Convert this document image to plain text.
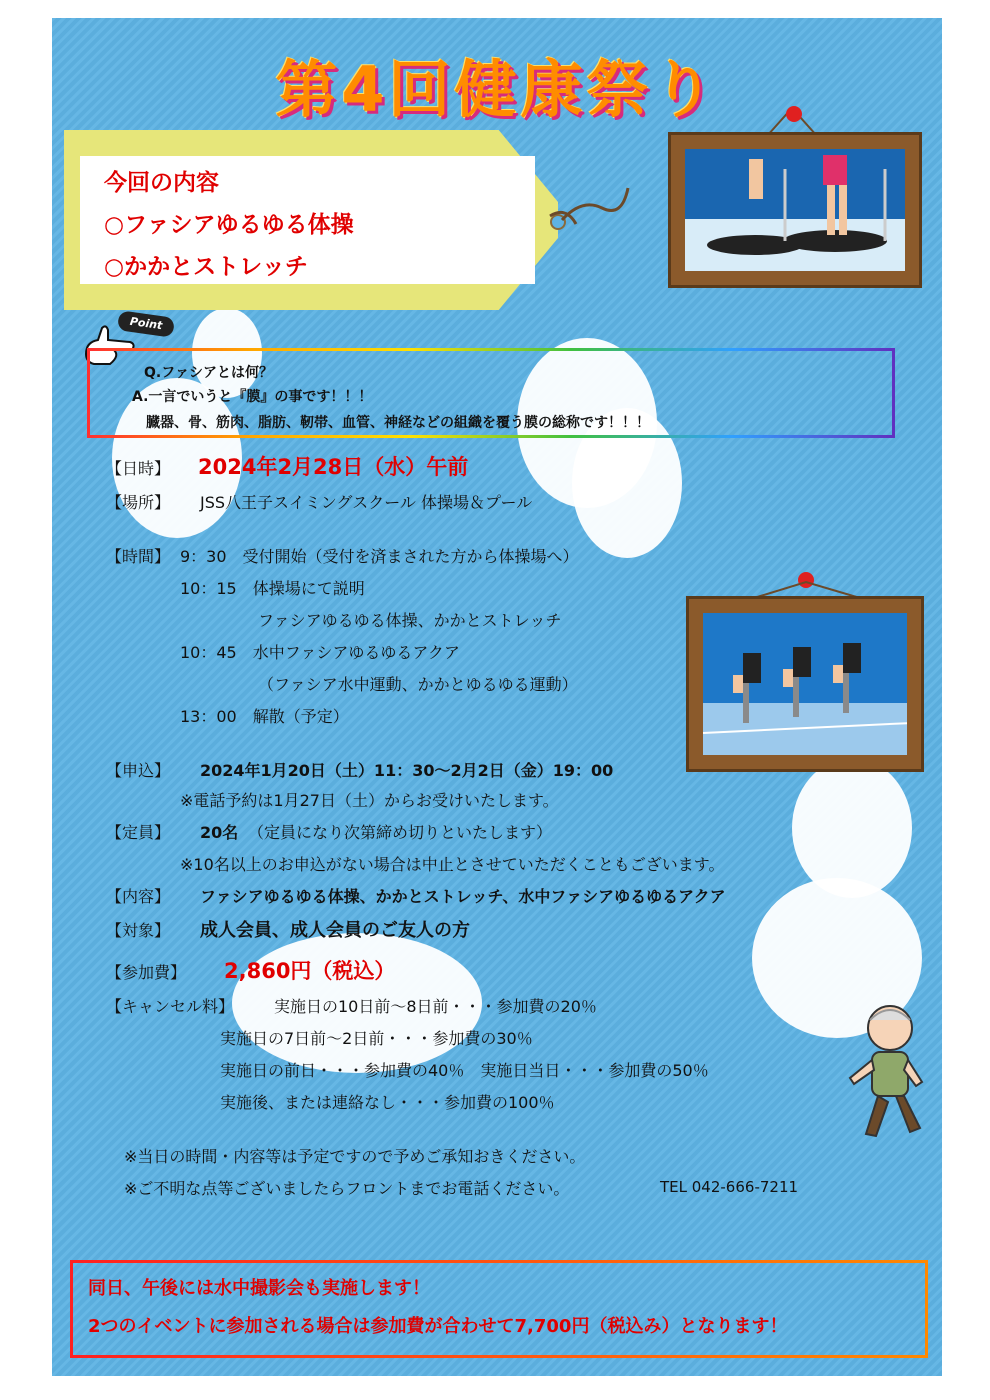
第4回健康祭り
今回の内容
○ファシアゆるゆる体操
○かかとストレッチ
Point
Q.ファシアとは何？
A.一言でいうと『膜』の事です！！！
臓器、骨、筋肉、脂肪、靭帯、血管、神経などの組織を覆う膜の総称です！！！
【日時】 2024年2月28日（水）午前
【場所】 JSS八王子スイミングスクール 体操場＆プール
【時間】 9：30　受付開始（受付を済まされた方から体操場へ）
10：15　体操場にて説明
ファシアゆるゆる体操、かかとストレッチ
10：45　水中ファシアゆるゆるアクア
（ファシア水中運動、かかとゆるゆる運動）
13：00　解散（予定）
【申込】 2024年1月20日（土）11：30〜2月2日（金）19：00
※電話予約は1月27日（土）からお受けいたします。
【定員】 20名 （定員になり次第締め切りといたします）
※10名以上のお申込がない場合は中止とさせていただくこともございます。
【内容】 ファシアゆるゆる体操、かかとストレッチ、水中ファシアゆるゆるアクア
【対象】 成人会員、成人会員のご友人の方
【参加費】 2,860円（税込）
【キャンセル料】 実施日の10日前〜8日前・・・参加費の20％
実施日の7日前〜2日前・・・参加費の30％
実施日の前日・・・参加費の40％　実施日当日・・・参加費の50％
実施後、または連絡なし・・・参加費の100％
※当日の時間・内容等は予定ですので予めご承知おきください。
※ご不明な点等ございましたらフロントまでお電話ください。	TEL 042-666-7211
同日、午後には水中撮影会も実施します！
2つのイベントに参加される場合は参加費が合わせて7,700円（税込み）となります！
